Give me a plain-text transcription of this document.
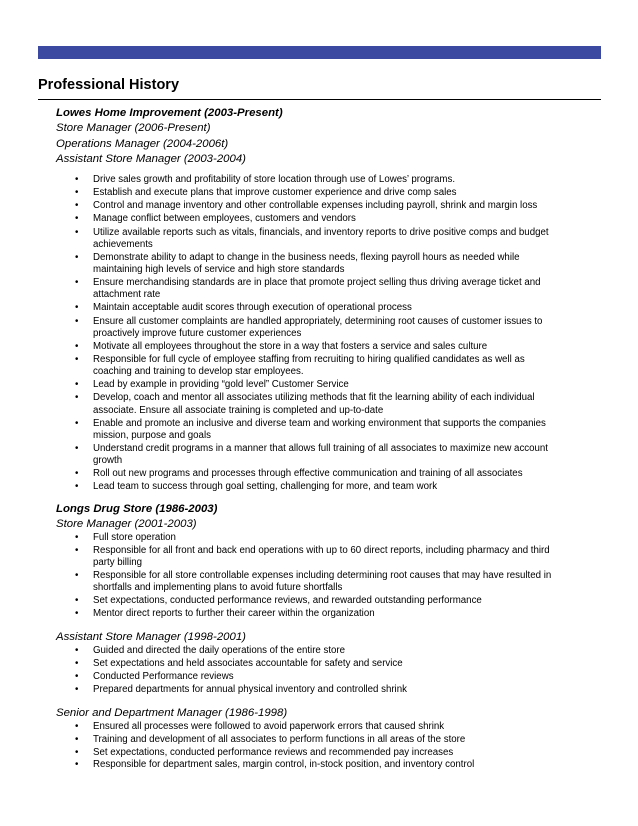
Professional History
Lowes Home Improvement (2003-Present)
Store Manager (2006-Present)
Operations Manager (2004-2006t)
Assistant Store Manager (2003-2004)
• Drive sales growth and profitability of store location through use of Lowes’ programs.
• Establish and execute plans that improve customer experience and drive comp sales
• Control and manage inventory and other controllable expenses including payroll, shrink and margin loss
• Manage conflict between employees, customers and vendors
• Utilize available reports such as vitals, financials, and inventory reports to drive positive comps and budget achievements
• Demonstrate ability to adapt to change in the business needs, flexing payroll hours as needed while maintaining high levels of service and high store standards
• Ensure merchandising standards are in place that promote project selling thus driving average ticket and attachment rate
• Maintain acceptable audit scores through execution of operational process
• Ensure all customer complaints are handled appropriately, determining root causes of customer issues to proactively improve future customer experiences
• Motivate all employees throughout the store in a way that fosters a service and sales culture
• Responsible for full cycle of employee staffing from recruiting to hiring qualified candidates as well as coaching and training to develop star employees.
• Lead by example in providing “gold level” Customer Service
• Develop, coach and mentor all associates utilizing methods that fit the learning ability of each individual associate. Ensure all associate training is completed and up-to-date
• Enable and promote an inclusive and diverse team and working environment that supports the companies mission, purpose and goals
• Understand credit programs in a manner that allows full training of all associates to maximize new account growth
• Roll out new programs and processes through effective communication and training of all associates
• Lead team to success through goal setting, challenging for more, and team work
Longs Drug Store (1986-2003)
Store Manager (2001-2003)
• Full store operation
• Responsible for all front and back end operations with up to 60 direct reports, including pharmacy and third party billing
• Responsible for all store controllable expenses including determining root causes that may have resulted in shortfalls and implementing plans to avoid future shortfalls
• Set expectations, conducted performance reviews, and rewarded outstanding performance
• Mentor direct reports to further their career within the organization
Assistant Store Manager (1998-2001)
• Guided and directed the daily operations of the entire store
• Set expectations and held associates accountable for safety and service
• Conducted Performance reviews
• Prepared departments for annual physical inventory and controlled shrink
Senior and Department Manager (1986-1998)
• Ensured all processes were followed to avoid paperwork errors that caused shrink
• Training and development of all associates to perform functions in all areas of the store
• Set expectations, conducted performance reviews and recommended pay increases
• Responsible for department sales, margin control, in-stock position, and inventory control
